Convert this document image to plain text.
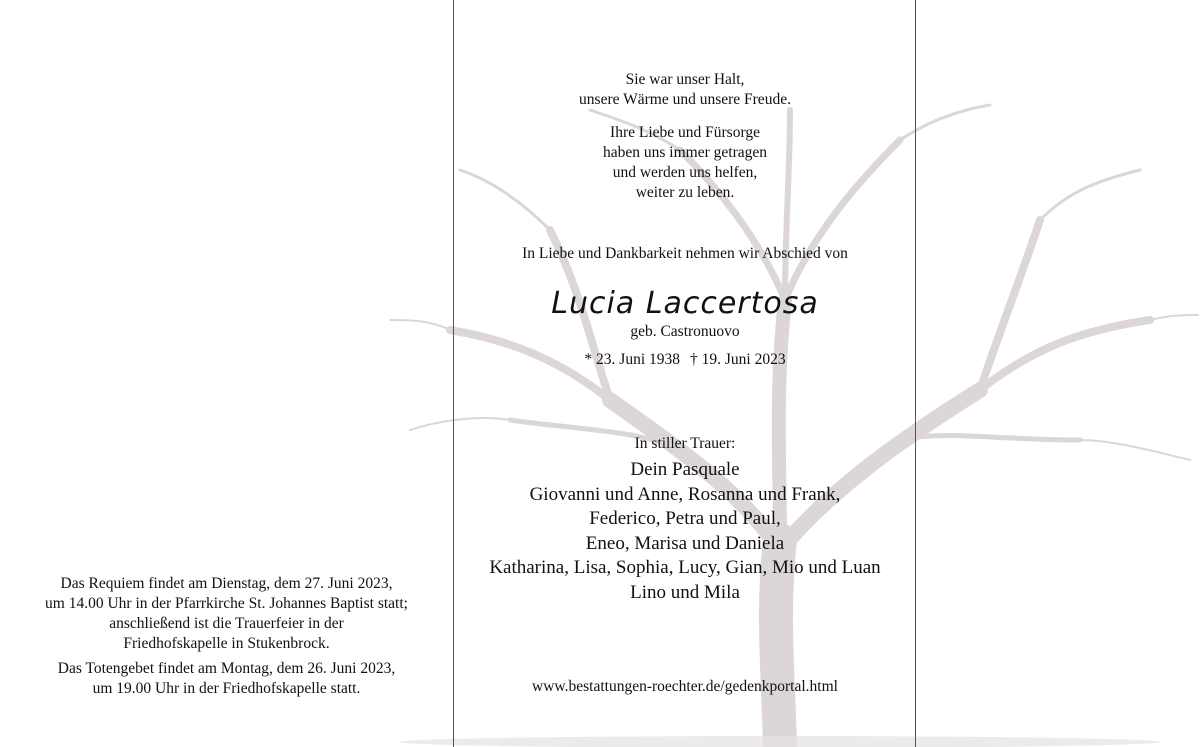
Sie war unser Halt,
unsere Wärme und unsere Freude.

Ihre Liebe und Fürsorge
haben uns immer getragen
und werden uns helfen,
weiter zu leben.

In Liebe und Dankbarkeit nehmen wir Abschied von
Lucia Laccertosa
geb. Castronuovo
* 23. Juni 1938 † 19. Juni 2023
In stiller Trauer:
Dein Pasquale
Giovanni und Anne, Rosanna und Frank,
Federico, Petra und Paul,
Eneo, Marisa und Daniela
Katharina, Lisa, Sophia, Lucy, Gian, Mio und Luan
Lino und Mila
www.bestattungen-roechter.de/gedenkportal.html
Das Requiem findet am Dienstag, dem 27. Juni 2023,
um 14.00 Uhr in der Pfarrkirche St. Johannes Baptist statt;
anschließend ist die Trauerfeier in der
Friedhofskapelle in Stukenbrock.
Das Totengebet findet am Montag, dem 26. Juni 2023,
um 19.00 Uhr in der Friedhofskapelle statt.
